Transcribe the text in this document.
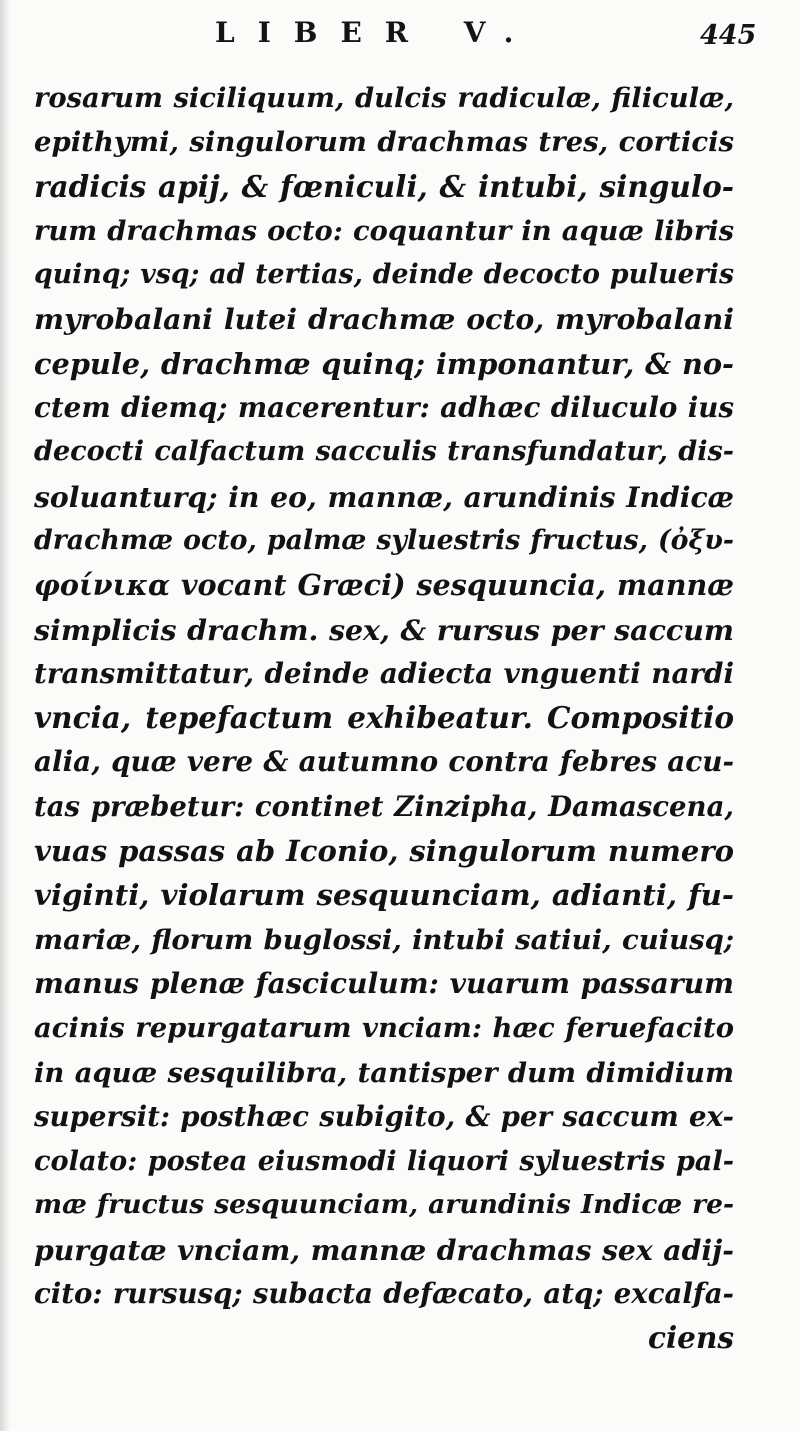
LIBER V.	445
rosarum siciliquum, dulcis radiculæ, filiculæ,
epithymi, singulorum drachmas tres, corticis
radicis apij, & fœniculi, & intubi, singulo-
rum drachmas octo: coquantur in aquæ libris
quinq; vsq; ad tertias, deinde decocto pulueris
myrobalani lutei drachmæ octo, myrobalani
cepule, drachmæ quinq; imponantur, & no-
ctem diemq; macerentur: adhæc diluculo ius
decocti calfactum sacculis transfundatur, dis-
soluanturq; in eo, mannæ, arundinis Indicæ
drachmæ octo, palmæ syluestris fructus, (ὀξυ-
φοίνικα vocant Græci) sesquuncia, mannæ
simplicis drachm. sex, & rursus per saccum
transmittatur, deinde adiecta vnguenti nardi
vncia, tepefactum exhibeatur. Compositio
alia, quæ vere & autumno contra febres acu-
tas præbetur: continet Zinzipha, Damascena,
vuas passas ab Iconio, singulorum numero
viginti, violarum sesquunciam, adianti, fu-
mariæ, florum buglossi, intubi satiui, cuiusq;
manus plenæ fasciculum: vuarum passarum
acinis repurgatarum vnciam: hæc feruefacito
in aquæ sesquilibra, tantisper dum dimidium
supersit: posthæc subigito, & per saccum ex-
colato: postea eiusmodi liquori syluestris pal-
mæ fructus sesquunciam, arundinis Indicæ re-
purgatæ vnciam, mannæ drachmas sex adij-
cito: rursusq; subacta defæcato, atq; excalfa-
ciens
